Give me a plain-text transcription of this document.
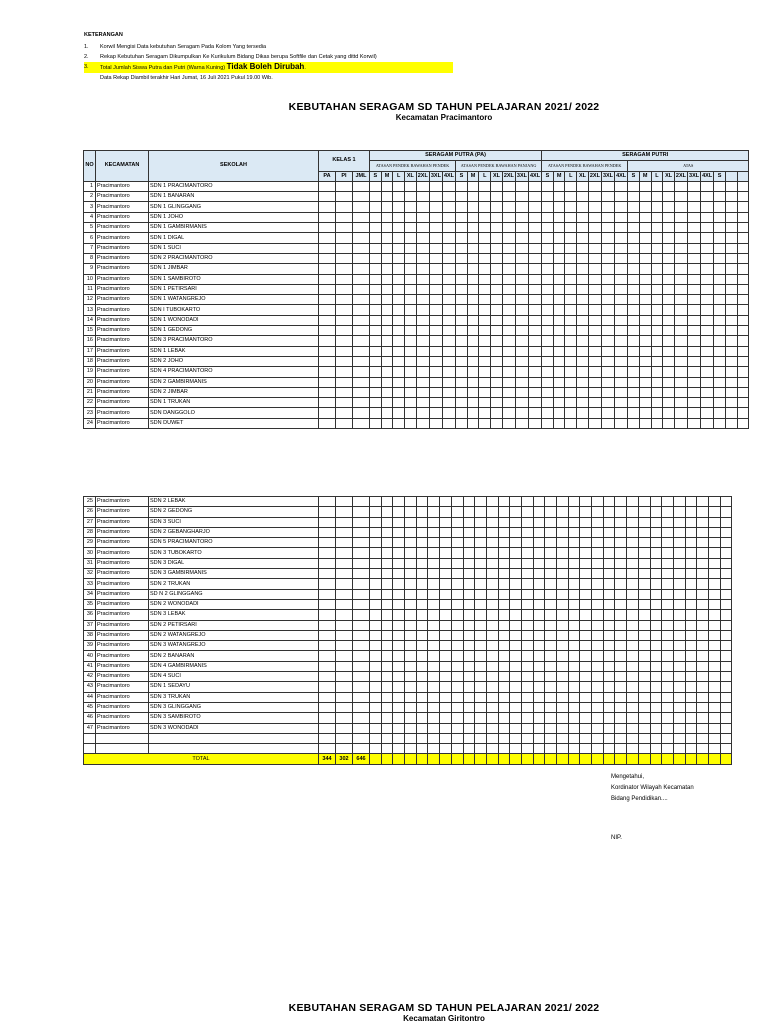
KETERANGAN
1. Korwil Mengisi Data kebutuhan Seragam Pada Kolom Yang tersedia
2. Rekap Kebutuhan Seragam Dikumpulkan Ke Kurikulum Bidang Dikas berupa Softfile dan Cetak yang dittd Korwil)
3. Total Jumlah Siswa Putra dan Putri (Warna Kuning) Tidak Boleh Dirubah.
Data Rekap Diambil terakhir Hari Jumat, 16 Juli 2021 Pukul 19.00 Wib.
KEBUTAHAN SERAGAM SD TAHUN PELAJARAN 2021/ 2022
Kecamatan Pracimantoro
NO	KECAMATAN	SEKOLAH	KELAS 1			SERAGAM PUTRA (PA)														SERAGAM PUTRI																
						ATASAN PENDEK BAWAHAN PENDEK							ATASAN PENDEK BAWAHAN PANJANG							ATASAN PENDEK BAWAHAN PENDEK							ATAS									
			PA	PI	JML	S	M	L	XL	2XL	3XL	4XL	S	M	L	XL	2XL	3XL	4XL	S	M	L	XL	2XL	3XL	4XL	S	M	L	XL	2XL	3XL	4XL	S		
1	Pracimantoro	SDN 1 PRACIMANTORO																																		
2	Pracimantoro	SDN 1 BANARAN																																		
3	Pracimantoro	SDN 1 GLINGGANG																																		
4	Pracimantoro	SDN 1 JOHO																																		
5	Pracimantoro	SDN 1 GAMBIRMANIS																																		
6	Pracimantoro	SDN 1 DIGAL																																		
7	Pracimantoro	SDN 1 SUCI																																		
8	Pracimantoro	SDN 2 PRACIMANTORO																																		
9	Pracimantoro	SDN 1 JIMBAR																																		
10	Pracimantoro	SDN 1 SAMBIROTO																																		
11	Pracimantoro	SDN 1 PETIRSARI																																		
12	Pracimantoro	SDN 1 WATANGREJO																																		
13	Pracimantoro	SDN I TUBOKARTO																																		
14	Pracimantoro	SDN 1 WONODADI																																		
15	Pracimantoro	SDN 1 GEDONG																																		
16	Pracimantoro	SDN 3 PRACIMANTORO																																		
17	Pracimantoro	SDN 1 LEBAK																																		
18	Pracimantoro	SDN 2 JOHO																																		
19	Pracimantoro	SDN 4 PRACIMANTORO																																		
20	Pracimantoro	SDN 2 GAMBIRMANIS																																		
21	Pracimantoro	SDN 2 JIMBAR																																		
22	Pracimantoro	SDN 1 TRUKAN																																		
23	Pracimantoro	SDN DANGGOLO																																		
24	Pracimantoro	SDN DUWET																																		
25	Pracimantoro	SDN 2 LEBAK																																		
26	Pracimantoro	SDN 2 GEDONG																																		
27	Pracimantoro	SDN 3 SUCI																																		
28	Pracimantoro	SDN 2 GEBANGHARJO																																		
29	Pracimantoro	SDN 5 PRACIMANTORO																																		
30	Pracimantoro	SDN 3 TUBOKARTO																																		
31	Pracimantoro	SDN 3 DIGAL																																		
32	Pracimantoro	SDN 3 GAMBIRMANIS																																		
33	Pracimantoro	SDN 2 TRUKAN																																		
34	Pracimantoro	SD N 2 GLINGGANG																																		
35	Pracimantoro	SDN 2 WONODADI																																		
36	Pracimantoro	SDN 3 LEBAK																																		
37	Pracimantoro	SDN 2 PETIRSARI																																		
38	Pracimantoro	SDN 2 WATANGREJO																																		
39	Pracimantoro	SDN 3 WATANGREJO																																		
40	Pracimantoro	SDN 2 BANARAN																																		
41	Pracimantoro	SDN 4 GAMBIRMANIS																																		
42	Pracimantoro	SDN 4 SUCI																																		
43	Pracimantoro	SDN 1 SEDAYU																																		
44	Pracimantoro	SDN 3 TRUKAN																																		
45	Pracimantoro	SDN 3 GLINGGANG																																		
46	Pracimantoro	SDN 3 SAMBIROTO																																		
47	Pracimantoro	SDN 3 WONODADI																																		

TOTAL			344	302	646																															
Mengetahui,
Kordinator Wilayah Kecamatan
Bidang Pendidikan....
NIP.
KEBUTAHAN SERAGAM SD TAHUN PELAJARAN 2021/ 2022
Kecamatan Giritontro
